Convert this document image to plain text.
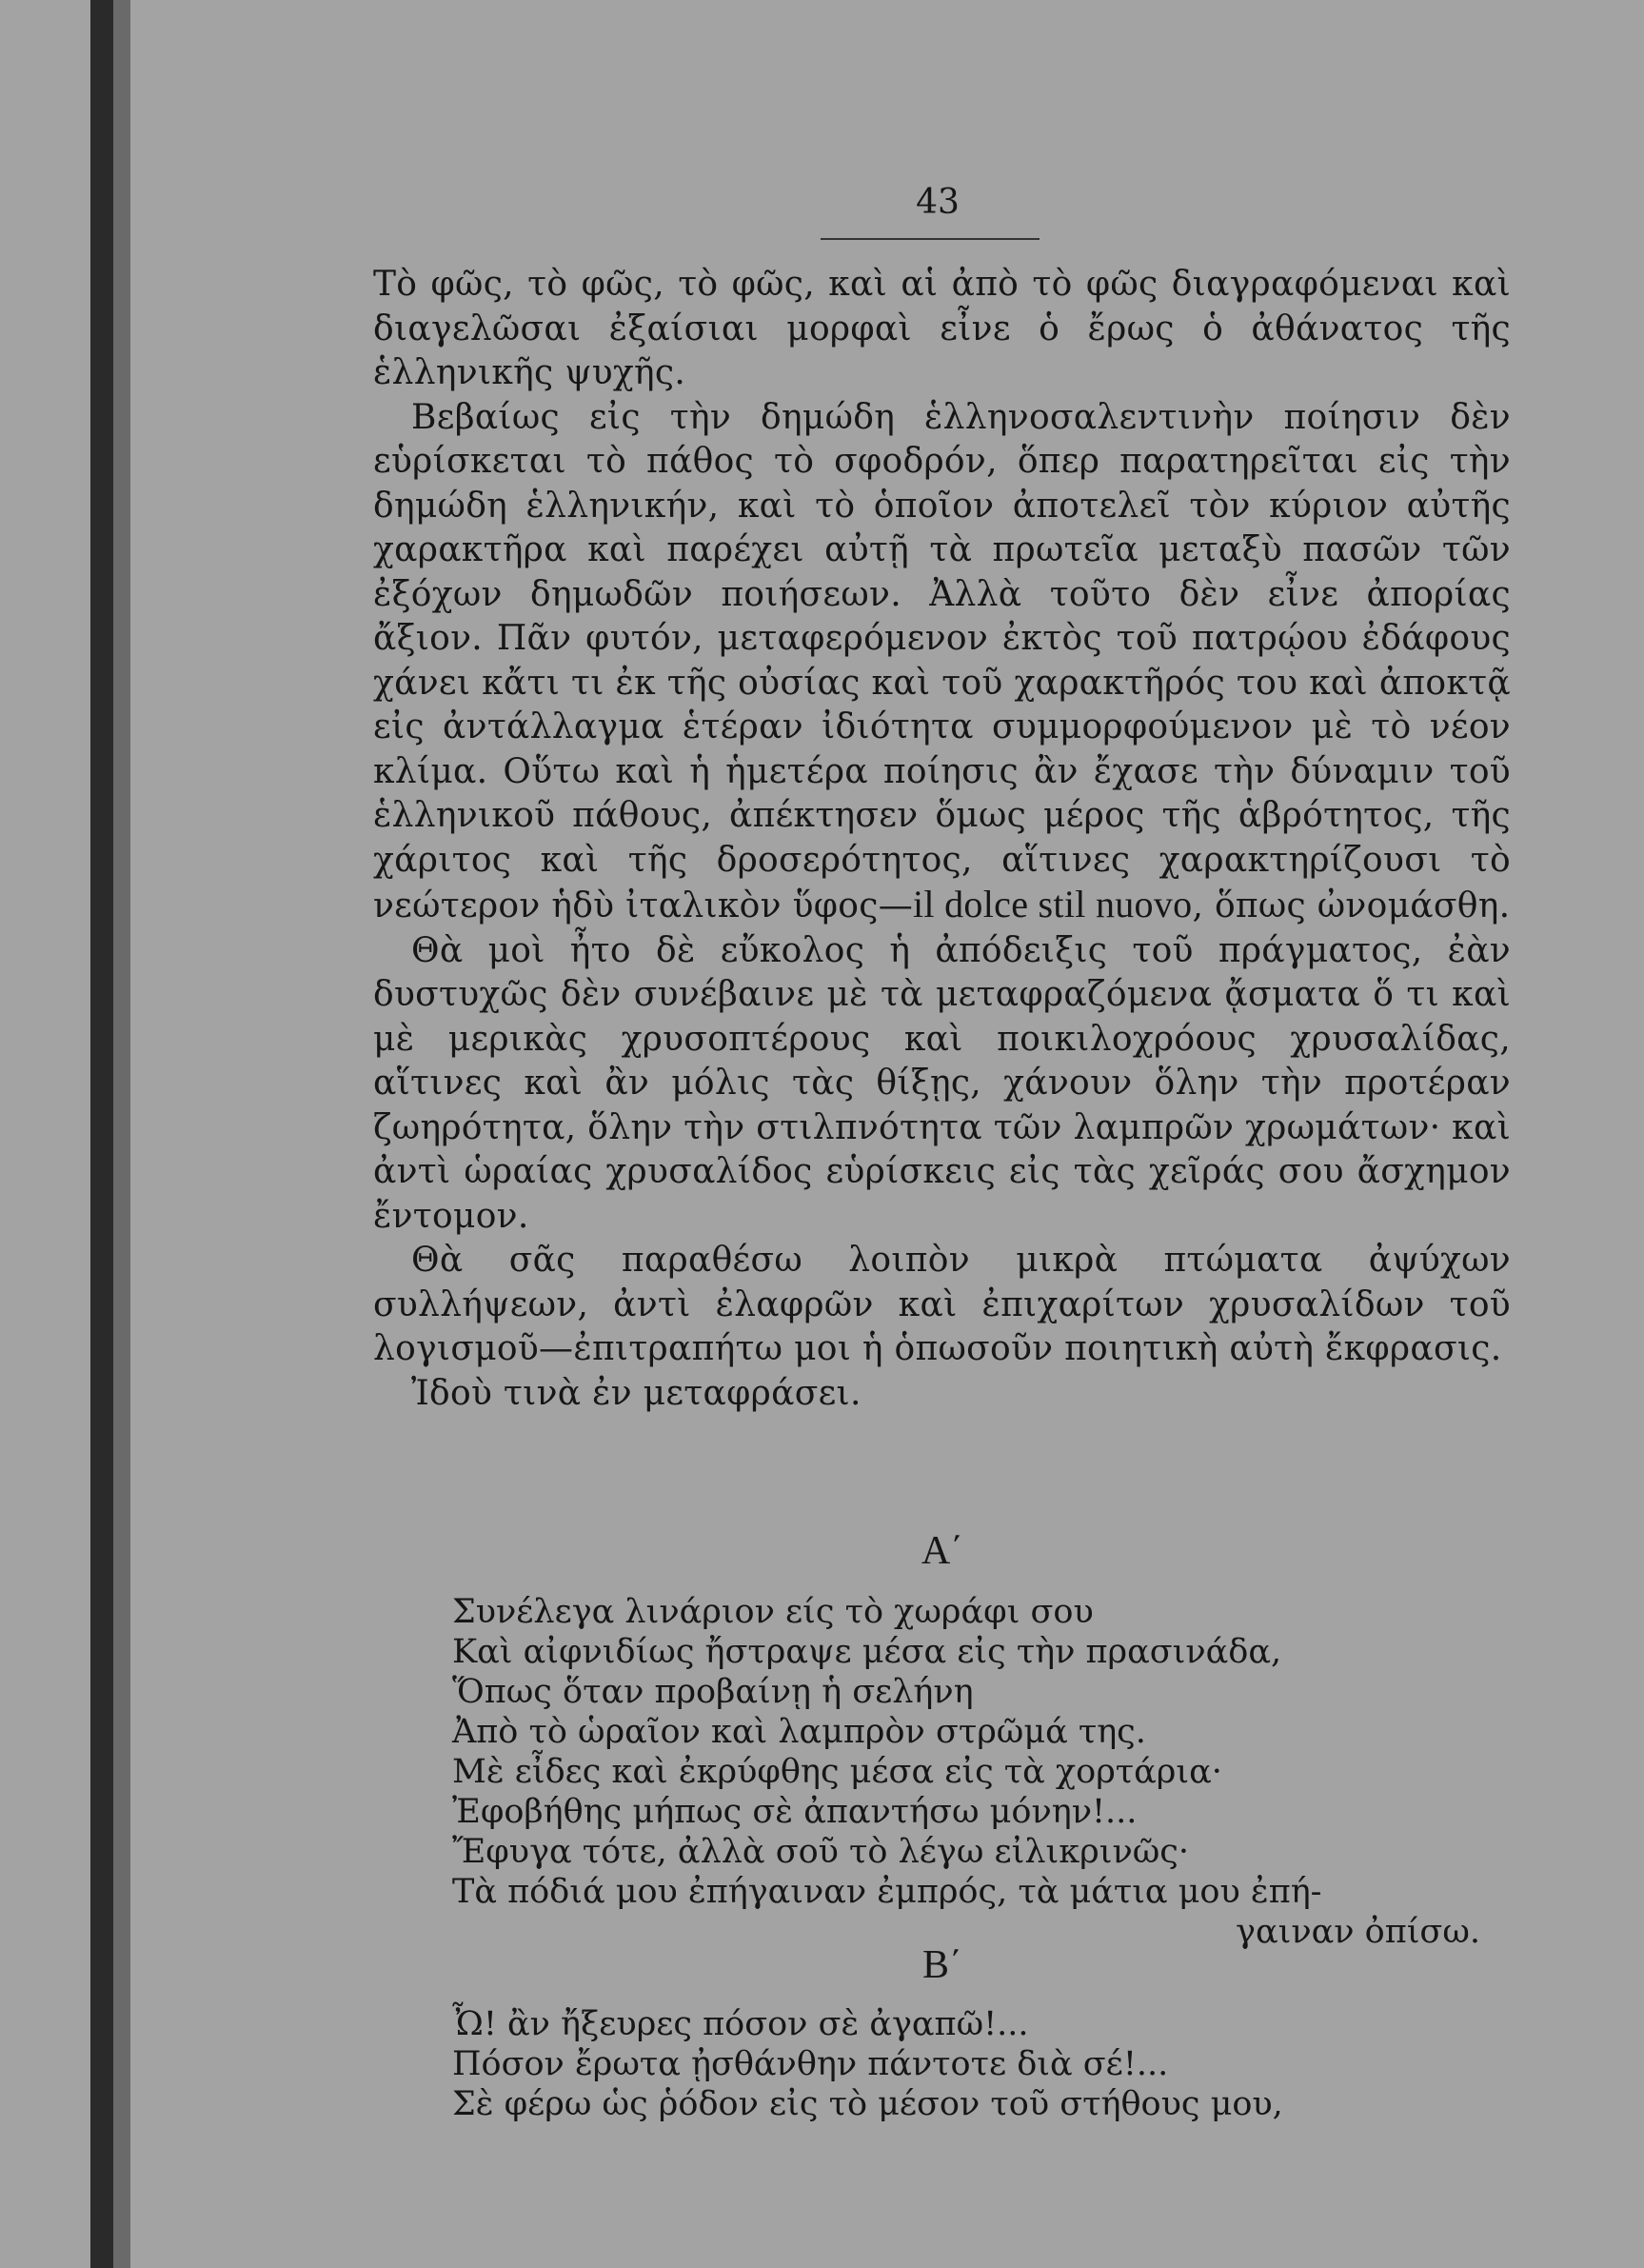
43

Τὸ φῶς, τὸ φῶς, τὸ φῶς, καὶ αἱ ἀπὸ τὸ φῶς διαγραφόμεναι καὶ διαγελῶσαι ἐξαίσιαι μορφαὶ εἶνε ὁ ἔρως ὁ ἀθάνατος τῆς ἑλληνικῆς ψυχῆς.

Βεβαίως εἰς τὴν δημώδη ἑλληνοσαλεντινὴν ποίησιν δὲν εὑρίσκεται τὸ πάθος τὸ σφοδρόν, ὅπερ παρατηρεῖται εἰς τὴν δημώδη ἑλληνικήν, καὶ τὸ ὁποῖον ἀποτελεῖ τὸν κύριον αὐτῆς χαρακτῆρα καὶ παρέχει αὐτῇ τὰ πρωτεῖα μεταξὺ πασῶν τῶν ἐξόχων δημωδῶν ποιήσεων. Ἀλλὰ τοῦτο δὲν εἶνε ἀπορίας ἄξιον. Πᾶν φυτόν, μεταφερόμενον ἐκτὸς τοῦ πατρῴου ἐδάφους χάνει κἄτι τι ἐκ τῆς οὐσίας καὶ τοῦ χαρακτῆρός του καὶ ἀποκτᾷ εἰς ἀντάλλαγμα ἑτέραν ἰδιότητα συμμορφούμενον μὲ τὸ νέον κλίμα. Οὕτω καὶ ἡ ἡμετέρα ποίησις ἂν ἔχασε τὴν δύναμιν τοῦ ἑλληνικοῦ πάθους, ἀπέκτησεν ὅμως μέρος τῆς ἁβρότητος, τῆς χάριτος καὶ τῆς δροσερότητος, αἵτινες χαρακτηρίζουσι τὸ νεώτερον ἡδὺ ἰταλικὸν ὕφος—il dolce stil nuovo, ὅπως ὠνομάσθη.

Θὰ μοὶ ἦτο δὲ εὔκολος ἡ ἀπόδειξις τοῦ πράγματος, ἐὰν δυστυχῶς δὲν συνέβαινε μὲ τὰ μεταφραζόμενα ᾄσματα ὅ τι καὶ μὲ μερικὰς χρυσοπτέρους καὶ ποικιλοχρόους χρυσαλίδας, αἵτινες καὶ ἂν μόλις τὰς θίξῃς, χάνουν ὅλην τὴν προτέραν ζωηρότητα, ὅλην τὴν στιλπνότητα τῶν λαμπρῶν χρωμάτων· καὶ ἀντὶ ὡραίας χρυσαλίδος εὑρίσκεις εἰς τὰς χεῖράς σου ἄσχημον ἔντομον.

Θὰ σᾶς παραθέσω λοιπὸν μικρὰ πτώματα ἀψύχων συλλήψεων, ἀντὶ ἐλαφρῶν καὶ ἐπιχαρίτων χρυσαλίδων τοῦ λογισμοῦ—ἐπιτραπήτω μοι ἡ ὁπωσοῦν ποιητικὴ αὐτὴ ἔκφρασις.

Ἰδοὺ τινὰ ἐν μεταφράσει.

Α΄
Συνέλεγα λινάριον είς τὸ χωράφι σου
Καὶ αἰφνιδίως ἤστραψε μέσα εἰς τὴν πρασινάδα,
Ὅπως ὅταν προβαίνῃ ἡ σελήνη
Ἀπὸ τὸ ὡραῖον καὶ λαμπρὸν στρῶμά της.
Μὲ εἶδες καὶ ἐκρύφθης μέσα εἰς τὰ χορτάρια·
Ἐφοβήθης μήπως σὲ ἀπαντήσω μόνην!...
Ἔφυγα τότε, ἀλλὰ σοῦ τὸ λέγω εἰλικρινῶς·
Τὰ πόδιά μου ἐπήγαιναν ἐμπρός, τὰ μάτια μου ἐπή-
γαιναν ὀπίσω.
Β΄
Ὦ! ἂν ἤξευρες πόσον σὲ ἀγαπῶ!...
Πόσον ἔρωτα ᾐσθάνθην πάντοτε διὰ σέ!...
Σὲ φέρω ὡς ῥόδον εἰς τὸ μέσον τοῦ στήθους μου,
